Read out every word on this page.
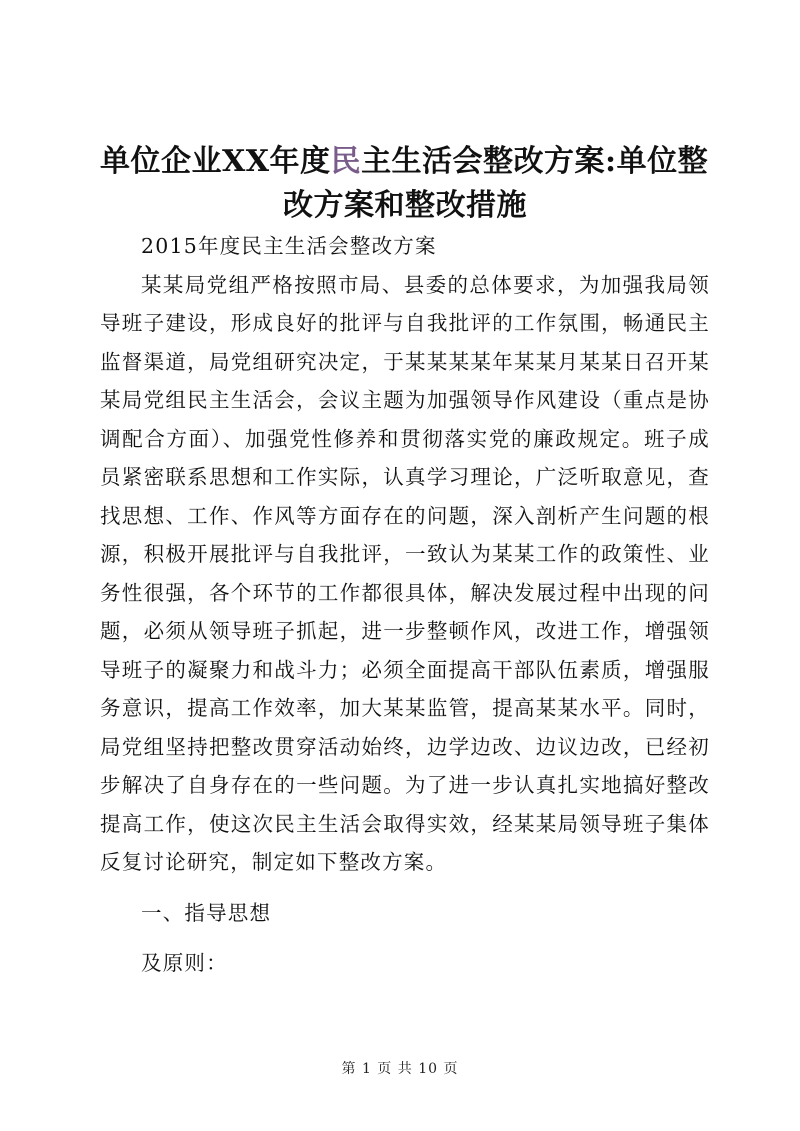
单位企业XX年度民主生活会整改方案:单位整
改方案和整改措施

2015年度民主生活会整改方案

某某局党组严格按照市局、县委的总体要求，为加强我局领导班子建设，形成良好的批评与自我批评的工作氛围，畅通民主监督渠道，局党组研究决定，于某某某某年某某月某某日召开某某局党组民主生活会，会议主题为加强领导作风建设（重点是协调配合方面）、加强党性修养和贯彻落实党的廉政规定。班子成员紧密联系思想和工作实际，认真学习理论，广泛听取意见，查找思想、工作、作风等方面存在的问题，深入剖析产生问题的根源，积极开展批评与自我批评，一致认为某某工作的政策性、业务性很强，各个环节的工作都很具体，解决发展过程中出现的问题，必须从领导班子抓起，进一步整顿作风，改进工作，增强领导班子的凝聚力和战斗力；必须全面提高干部队伍素质，增强服务意识，提高工作效率，加大某某监管，提高某某水平。同时，局党组坚持把整改贯穿活动始终，边学边改、边议边改，已经初步解决了自身存在的一些问题。为了进一步认真扎实地搞好整改提高工作，使这次民主生活会取得实效，经某某局领导班子集体反复讨论研究，制定如下整改方案。

一、指导思想

及原则：

第 1 页 共 10 页
